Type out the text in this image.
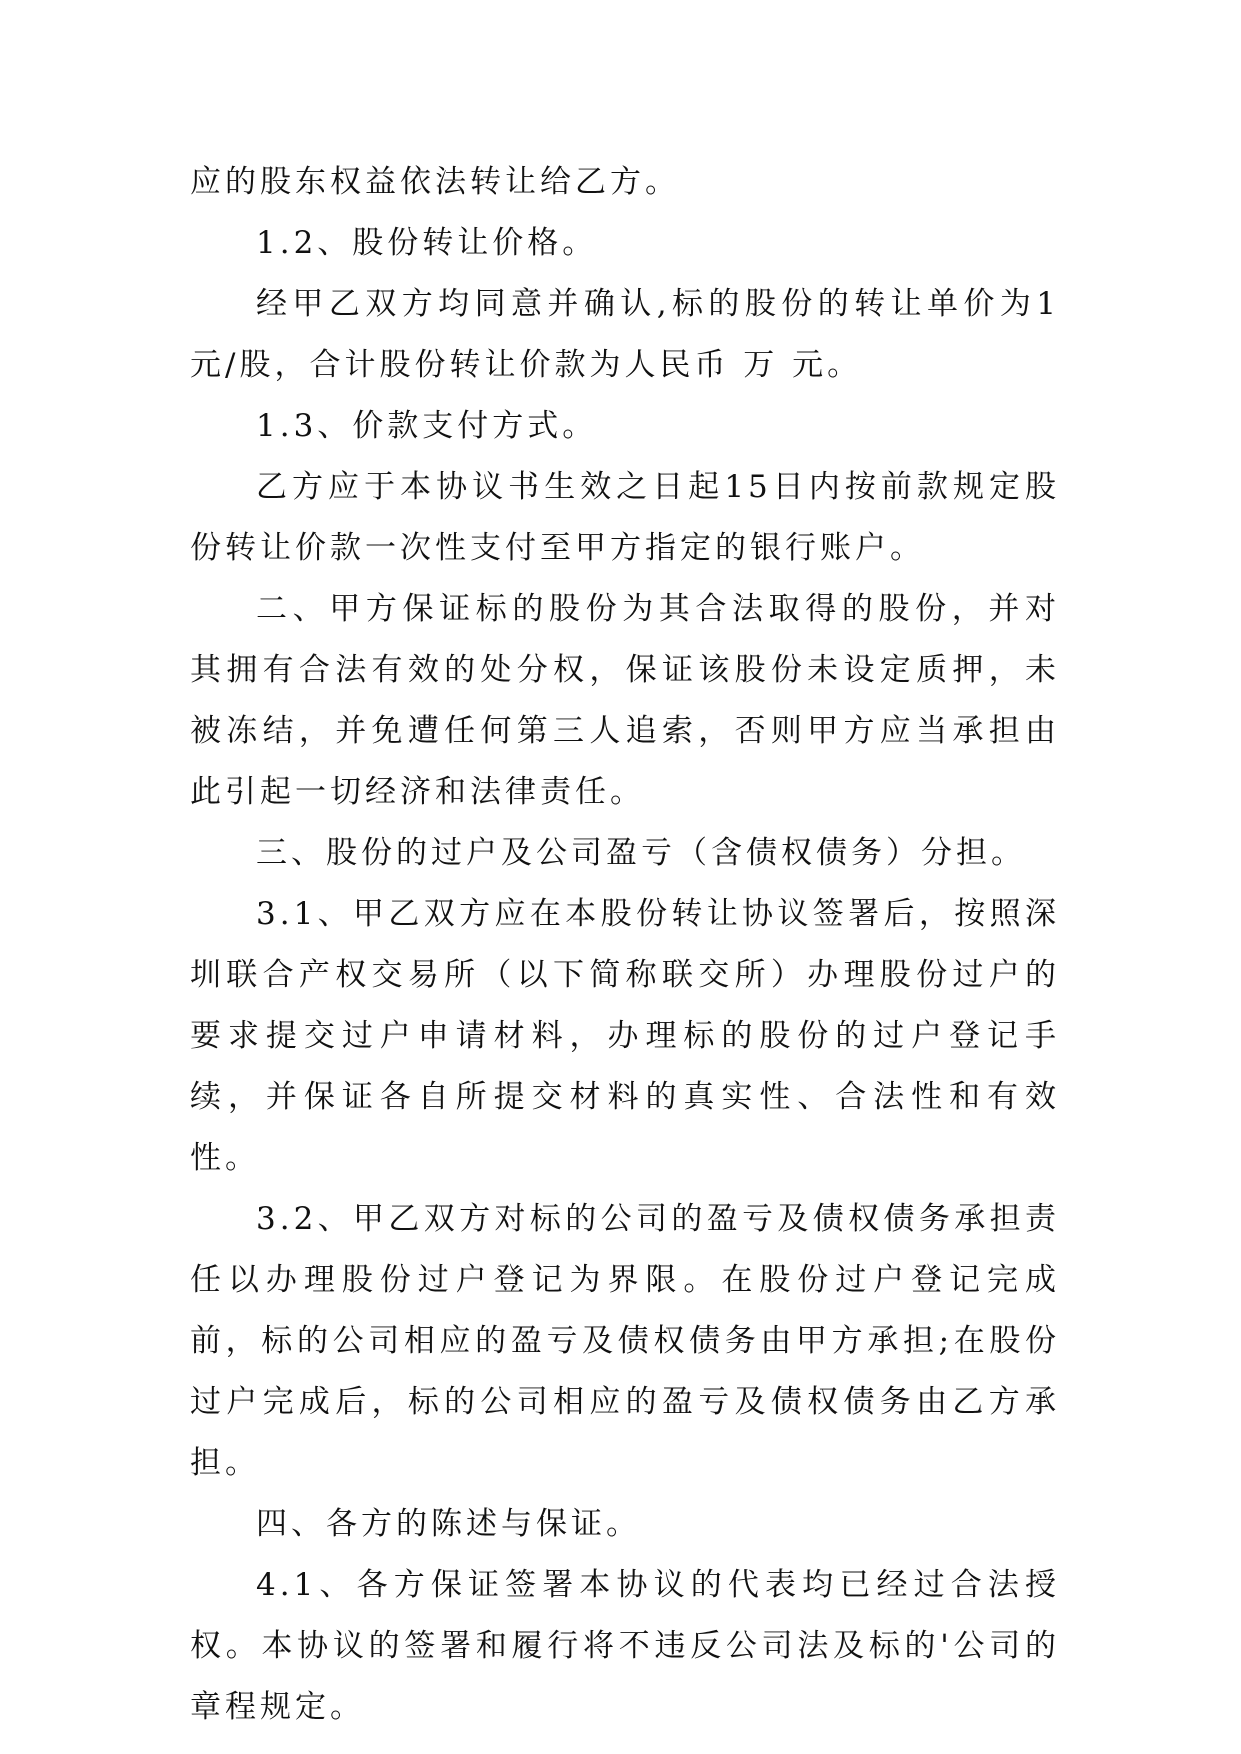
应的股东权益依法转让给乙方。

1.2、股份转让价格。

经甲乙双方均同意并确认,标的股份的转让单价为1 元/股，合计股份转让价款为人民币 万 元。

1.3、价款支付方式。

乙方应于本协议书生效之日起15日内按前款规定股份转让价款一次性支付至甲方指定的银行账户。

二、甲方保证标的股份为其合法取得的股份，并对其拥有合法有效的处分权，保证该股份未设定质押，未被冻结，并免遭任何第三人追索，否则甲方应当承担由此引起一切经济和法律责任。

三、股份的过户及公司盈亏（含债权债务）分担。

3.1、甲乙双方应在本股份转让协议签署后，按照深圳联合产权交易所（以下简称联交所）办理股份过户的要求提交过户申请材料，办理标的股份的过户登记手续，并保证各自所提交材料的真实性、合法性和有效性。

3.2、甲乙双方对标的公司的盈亏及债权债务承担责任以办理股份过户登记为界限。在股份过户登记完成前，标的公司相应的盈亏及债权债务由甲方承担;在股份过户完成后，标的公司相应的盈亏及债权债务由乙方承担。

四、各方的陈述与保证。

4.1、各方保证签署本协议的代表均已经过合法授权。本协议的签署和履行将不违反公司法及标的'公司的章程规定。
